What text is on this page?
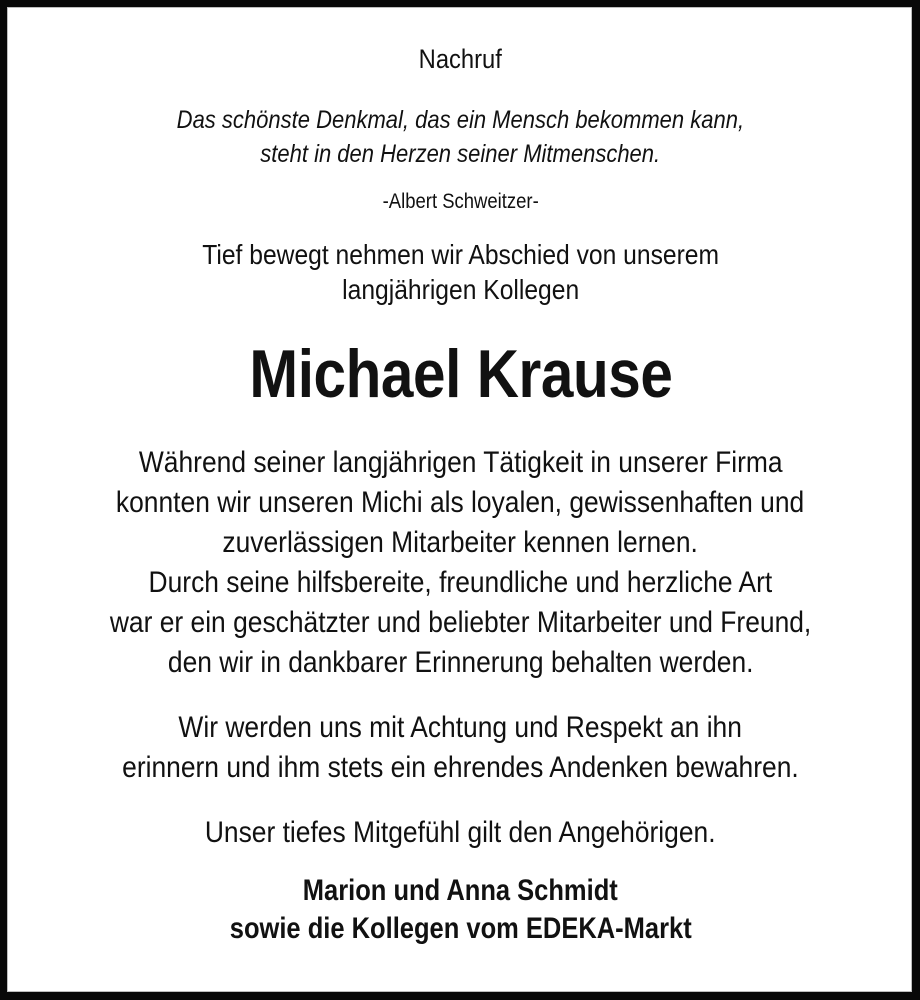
Nachruf
Das schönste Denkmal, das ein Mensch bekommen kann,
steht in den Herzen seiner Mitmenschen.
-Albert Schweitzer-
Tief bewegt nehmen wir Abschied von unserem
langjährigen Kollegen
Michael Krause
Während seiner langjährigen Tätigkeit in unserer Firma
konnten wir unseren Michi als loyalen, gewissenhaften und
zuverlässigen Mitarbeiter kennen lernen.
Durch seine hilfsbereite, freundliche und herzliche Art
war er ein geschätzter und beliebter Mitarbeiter und Freund,
den wir in dankbarer Erinnerung behalten werden.
Wir werden uns mit Achtung und Respekt an ihn
erinnern und ihm stets ein ehrendes Andenken bewahren.
Unser tiefes Mitgefühl gilt den Angehörigen.
Marion und Anna Schmidt
sowie die Kollegen vom EDEKA-Markt
